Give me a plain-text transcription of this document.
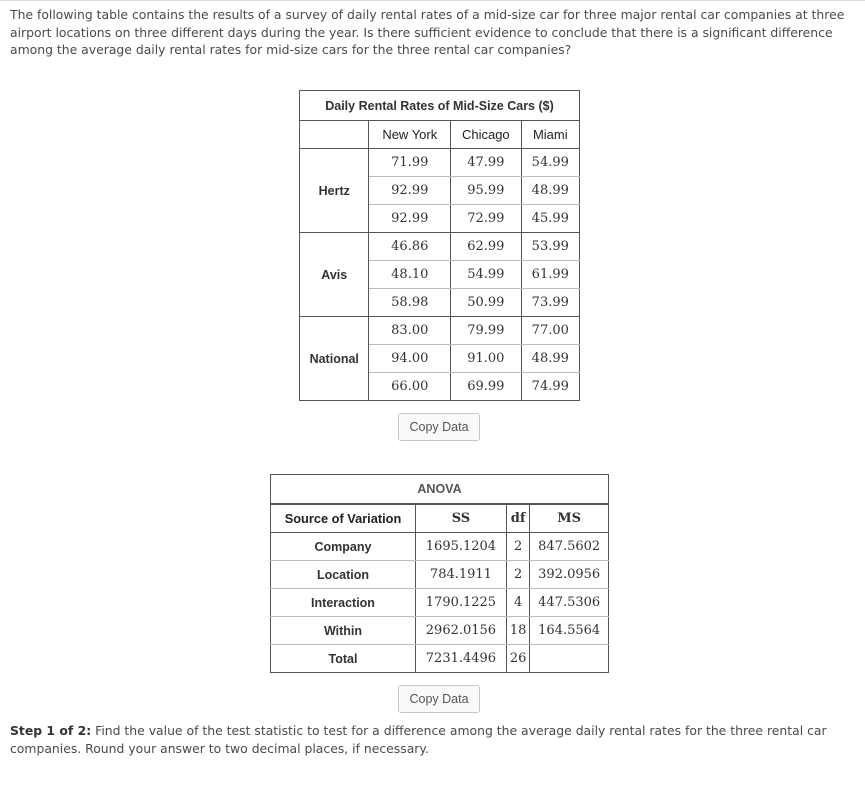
The following table contains the results of a survey of daily rental rates of a mid-size car for three major rental car companies at three airport locations on three different days during the year. Is there sufficient evidence to conclude that there is a significant difference among the average daily rental rates for mid-size cars for the three rental car companies?
Daily Rental Rates of Mid-Size Cars ($)			
	New York	Chicago	Miami
Hertz	71.99	47.99	54.99
	92.99	95.99	48.99
	92.99	72.99	45.99
Avis	46.86	62.99	53.99
	48.10	54.99	61.99
	58.98	50.99	73.99
National	83.00	79.99	77.00
	94.00	91.00	48.99
	66.00	69.99	74.99
Copy Data
ANOVA			
Source of Variation	SS	df	MS
Company	1695.1204	2	847.5602
Location	784.1911	2	392.0956
Interaction	1790.1225	4	447.5306
Within	2962.0156	18	164.5564
Total	7231.4496	26	
Copy Data
Step 1 of 2: Find the value of the test statistic to test for a difference among the average daily rental rates for the three rental car companies. Round your answer to two decimal places, if necessary.
